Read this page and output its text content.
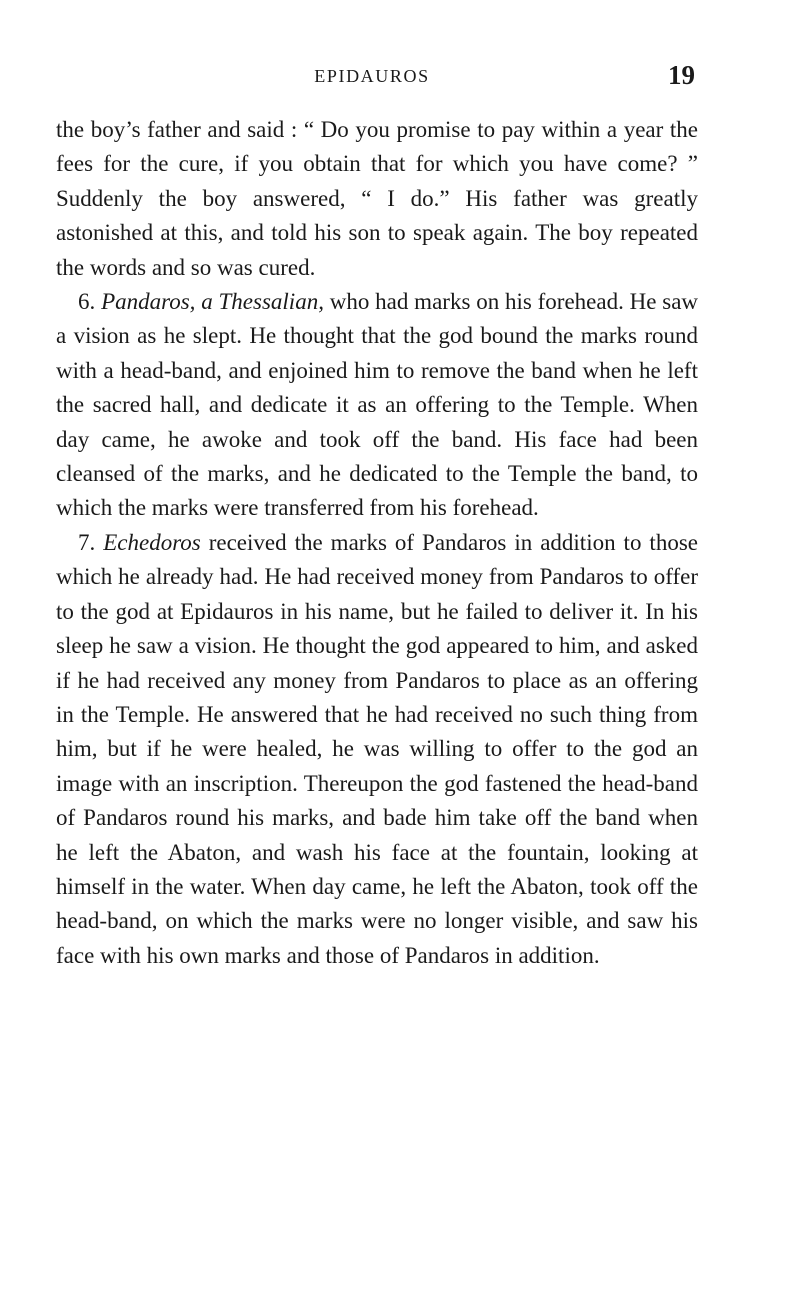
EPIDAUROS	19

the boy’s father and said : “ Do you promise to pay within a year the fees for the cure, if you obtain that for which you have come? ” Suddenly the boy answered, “ I do.” His father was greatly astonished at this, and told his son to speak again. The boy repeated the words and so was cured.

6. Pandaros, a Thessalian, who had marks on his forehead. He saw a vision as he slept. He thought that the god bound the marks round with a head-band, and enjoined him to remove the band when he left the sacred hall, and dedicate it as an offering to the Temple. When day came, he awoke and took off the band. His face had been cleansed of the marks, and he dedicated to the Temple the band, to which the marks were transferred from his forehead.

7. Echedoros received the marks of Pandaros in addition to those which he already had. He had received money from Pandaros to offer to the god at Epidauros in his name, but he failed to deliver it. In his sleep he saw a vision. He thought the god appeared to him, and asked if he had received any money from Pandaros to place as an offering in the Temple. He answered that he had received no such thing from him, but if he were healed, he was willing to offer to the god an image with an inscription. Thereupon the god fastened the head-band of Pandaros round his marks, and bade him take off the band when he left the Abaton, and wash his face at the fountain, looking at himself in the water. When day came, he left the Abaton, took off the head-band, on which the marks were no longer visible, and saw his face with his own marks and those of Pandaros in addition.
